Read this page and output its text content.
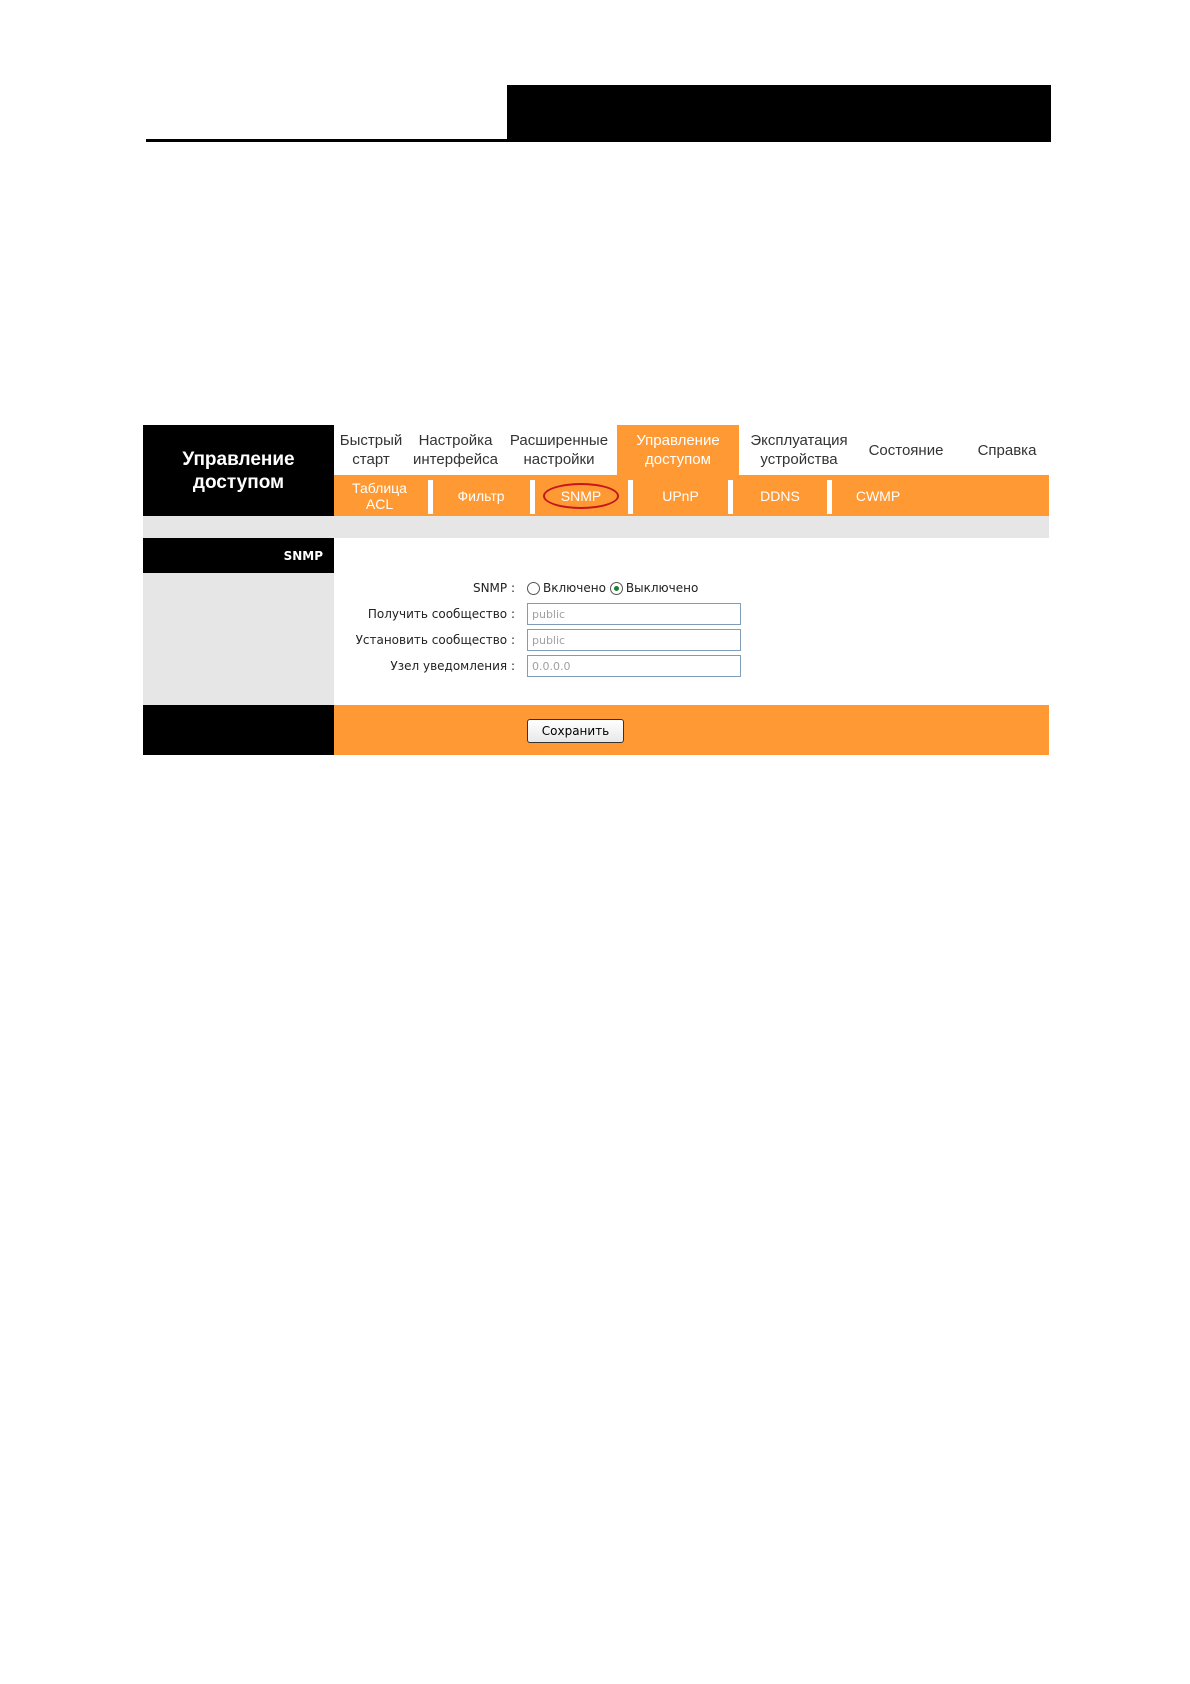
Управление доступом
Быстрый старт
Настройка интерфейса
Расширенные настройки
Управление доступом
Эксплуатация устройства
Состояние Справка
Таблица ACL	Фильтр	SNMP	UPnP	DDNS	CWMP
SNMP
SNMP : Включено Выключено
Получить сообщество :
public
Установить сообщество :
public
Узел уведомления :
0.0.0.0
Сохранить
